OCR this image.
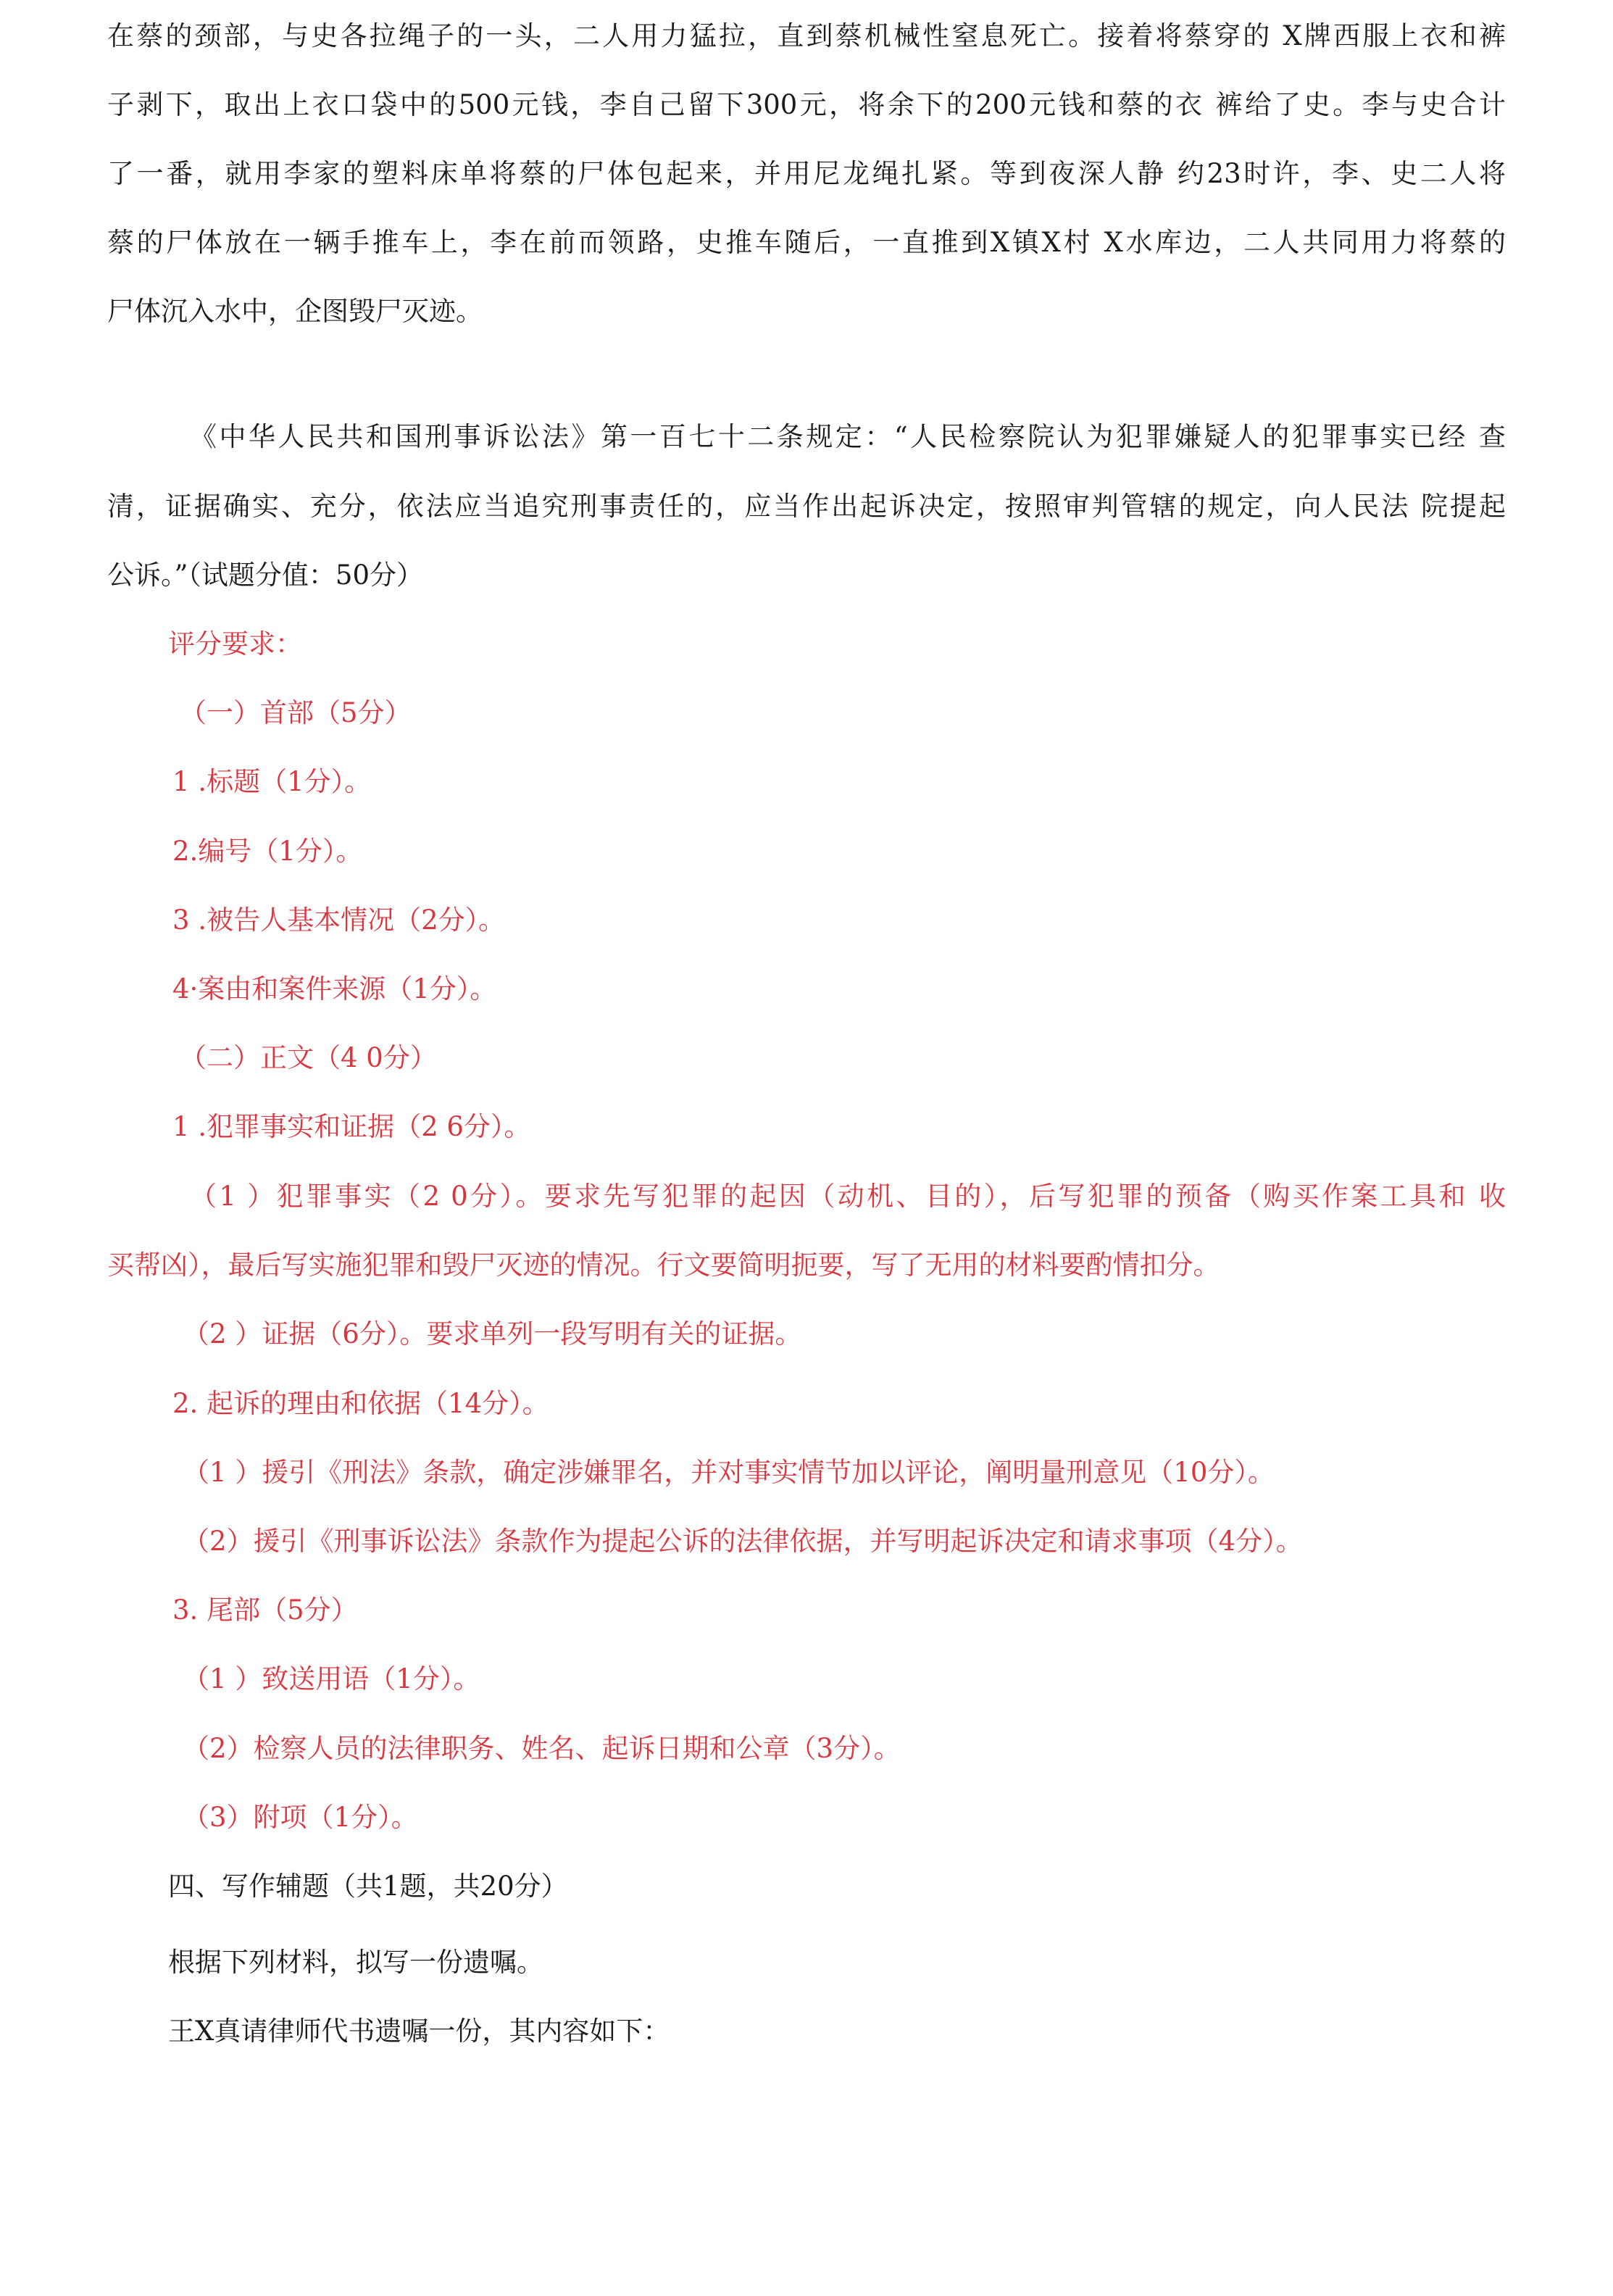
在蔡的颈部，与史各拉绳子的一头，二人用力猛拉，直到蔡机械性窒息死亡。接着将蔡穿的 X牌西服上衣和裤

子剥下，取出上衣口袋中的500元钱，李自己留下300元，将余下的200元钱和蔡的衣 裤给了史。李与史合计

了一番，就用李家的塑料床单将蔡的尸体包起来，并用尼龙绳扎紧。等到夜深人静 约23时许，李、史二人将

蔡的尸体放在一辆手推车上，李在前而领路，史推车随后，一直推到X镇X村 X水库边，二人共同用力将蔡的

尸体沉入水中，企图毁尸灭迹。

《中华人民共和国刑事诉讼法》第一百七十二条规定：“人民检察院认为犯罪嫌疑人的犯罪事实已经 查

清，证据确实、充分，依法应当追究刑事责任的，应当作出起诉决定，按照审判管辖的规定，向人民法 院提起

公诉。”（试题分值：50分）

评分要求：

（一）首部（5分）

1 .标题（1分）。

2.编号（1分）。

3 .被告人基本情况（2分）。

4·案由和案件来源（1分）。

（二）正文（4 0分）

1 .犯罪事实和证据（2 6分）。

（1 ）犯罪事实（2 0分）。要求先写犯罪的起因（动机、目的），后写犯罪的预备（购买作案工具和 收

买帮凶），最后写实施犯罪和毁尸灭迹的情况。行文要简明扼要，写了无用的材料要酌情扣分。

（2 ）证据（6分）。要求单列一段写明有关的证据。

2. 起诉的理由和依据（14分）。

（1 ）援引《刑法》条款，确定涉嫌罪名，并对事实情节加以评论，阐明量刑意见（10分）。

（2）援引《刑事诉讼法》条款作为提起公诉的法律依据，并写明起诉决定和请求事项（4分）。

3. 尾部（5分）

（1 ）致送用语（1分）。

（2）检察人员的法律职务、姓名、起诉日期和公章（3分）。

（3）附项（1分）。

四、写作辅题（共1题，共20分）

根据下列材料，拟写一份遗嘱。

王X真请律师代书遗嘱一份，其内容如下：
